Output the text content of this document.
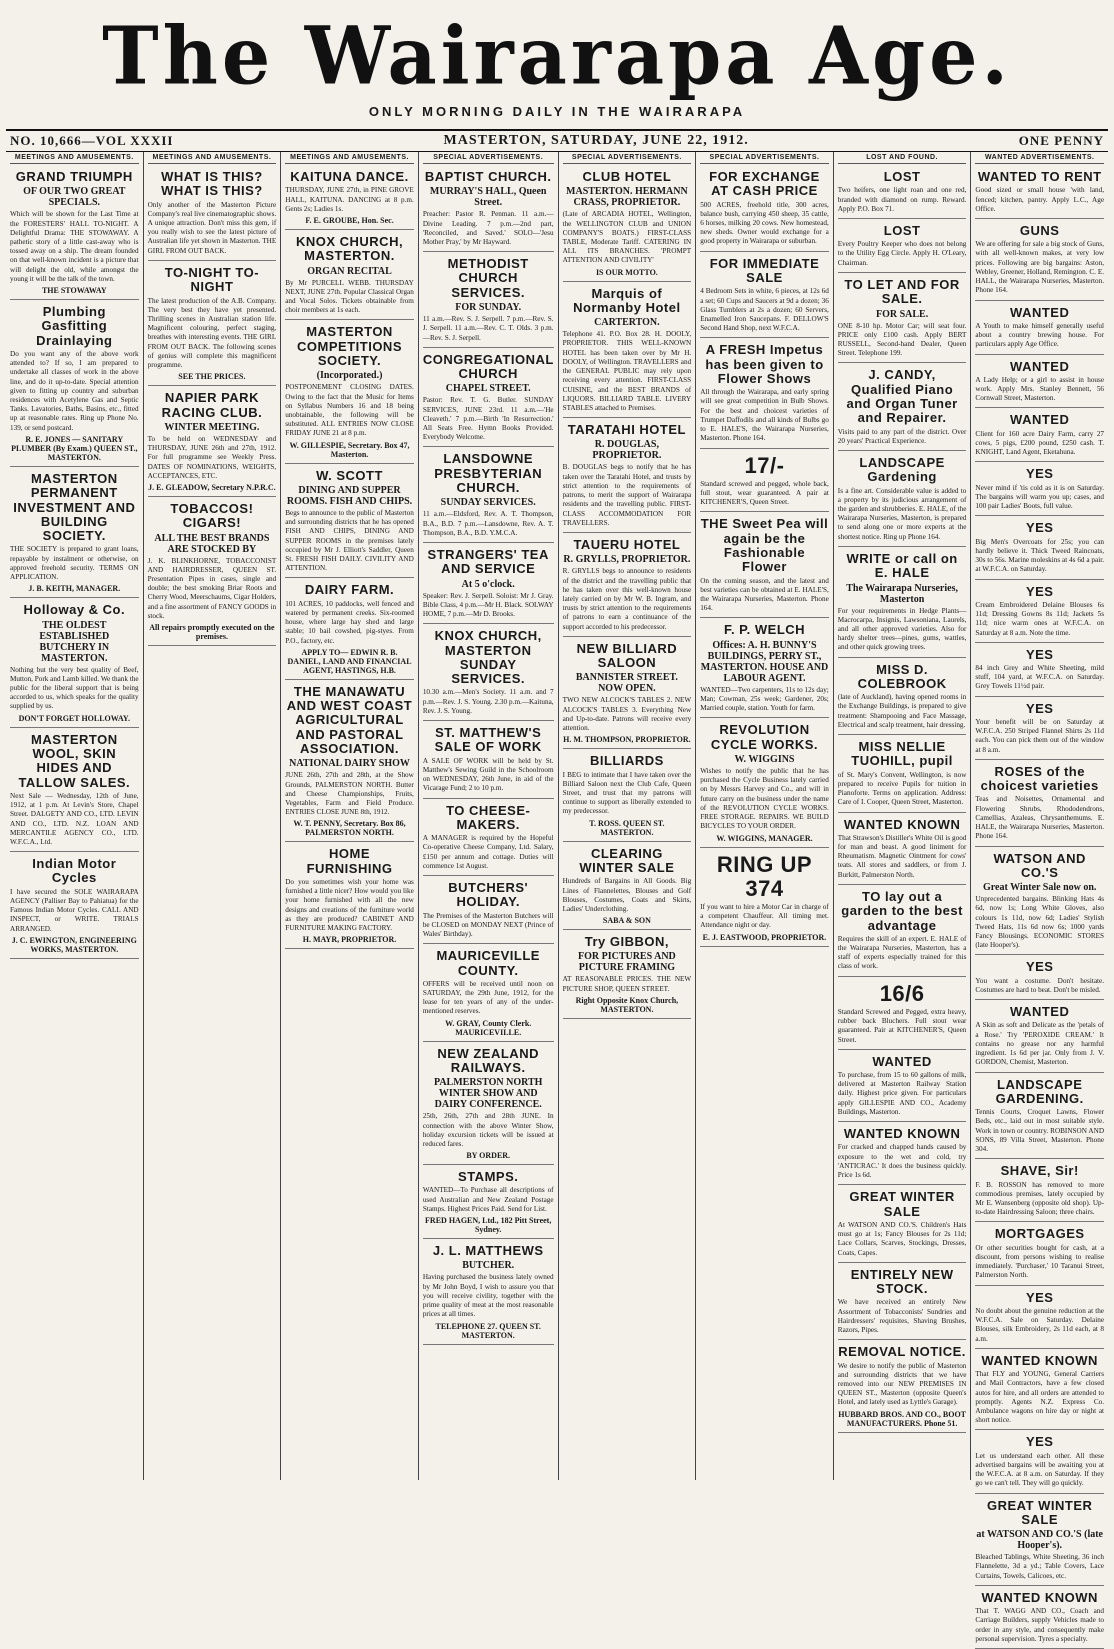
The Wairarapa Age.
ONLY MORNING DAILY IN THE WAIRARAPA
NO. 10,666—VOL XXXII	MASTERTON, SATURDAY, JUNE 22, 1912.	ONE PENNY
MEETINGS AND AMUSEMENTS.
GRAND TRIUMPH
OF OUR TWO GREAT SPECIALS.

Which will be shown for the Last Time at the FORESTERS' HALL TO-NIGHT. A Delightful Drama: THE STOWAWAY. A pathetic story of a little cast-away who is tossed away on a ship. The dream founded on that well-known incident is a picture that will delight the old, while amongst the young it will be the talk of the town.

THE STOWAWAY
Plumbing Gasfitting Drainlaying

Do you want any of the above work attended to? If so, I am prepared to undertake all classes of work in the above line, and do it up-to-date. Special attention given to fitting up country and suburban residences with Acetylene Gas and Septic Tanks. Lavatories, Baths, Basins, etc., fitted up at reasonable rates. Ring up Phone No. 139, or send postcard.

R. E. JONES — SANITARY PLUMBER (By Exam.) QUEEN ST., MASTERTON.
MASTERTON PERMANENT INVESTMENT AND BUILDING SOCIETY.

THE SOCIETY is prepared to grant loans, repayable by instalment or otherwise, on approved freehold security. TERMS ON APPLICATION.

J. B. KEITH, MANAGER.
Holloway & Co.
THE OLDEST ESTABLISHED BUTCHERY IN MASTERTON.

Nothing but the very best quality of Beef, Mutton, Pork and Lamb killed. We thank the public for the liberal support that is being accorded to us, which speaks for the quality supplied by us.

DON'T FORGET HOLLOWAY.
MASTERTON WOOL, SKIN HIDES AND TALLOW SALES.

Next Sale — Wednesday, 12th of June, 1912, at 1 p.m. At Levin's Store, Chapel Street. DALGETY AND CO., LTD. LEVIN AND CO., LTD. N.Z. LOAN AND MERCANTILE AGENCY CO., LTD. W.F.C.A., Ltd.

Indian Motor Cycles

I have secured the SOLE WAIRARAPA AGENCY (Palliser Bay to Pahiatua) for the Famous Indian Motor Cycles. CALL AND INSPECT, or WRITE. TRIALS ARRANGED.

J. C. EWINGTON, ENGINEERING WORKS, MASTERTON.
MEETINGS AND AMUSEMENTS.
WHAT IS THIS? WHAT IS THIS?

Only another of the Masterton Picture Company's real live cinematographic shows. A unique attraction. Don't miss this gem, if you really wish to see the latest picture of Australian life yet shown in Masterton. THE GIRL FROM OUT BACK.

TO-NIGHT TO-NIGHT

The latest production of the A.B. Company. The very best they have yet presented. Thrilling scenes in Australian station life. Magnificent colouring, perfect staging, breathes with interesting events. THE GIRL FROM OUT BACK. The following scenes of genius will complete this magnificent programme.

SEE THE PRICES.
NAPIER PARK RACING CLUB.
WINTER MEETING.

To be held on WEDNESDAY and THURSDAY, JUNE 26th and 27th, 1912. For full programme see Weekly Press. DATES OF NOMINATIONS, WEIGHTS, ACCEPTANCES, ETC.

J. E. GLEADOW, Secretary N.P.R.C.
TOBACCOS! CIGARS!
ALL THE BEST BRANDS ARE STOCKED BY

J. K. BLINKHORNE, TOBACCONIST AND HAIRDRESSER, QUEEN ST. Presentation Pipes in cases, single and double; the best smoking Briar Roots and Cherry Wood, Meerschaums, Cigar Holders, and a fine assortment of FANCY GOODS in stock.

All repairs promptly executed on the premises.
MEETINGS AND AMUSEMENTS.
KAITUNA DANCE.

THURSDAY, JUNE 27th, in PINE GROVE HALL, KAITUNA. DANCING at 8 p.m. Gents 2s; Ladies 1s.

F. E. GROUBE, Hon. Sec.
KNOX CHURCH, MASTERTON.
ORGAN RECITAL

By Mr PURCELL WEBB. THURSDAY NEXT, JUNE 27th. Popular Classical Organ and Vocal Solos. Tickets obtainable from choir members at 1s each.

MASTERTON COMPETITIONS SOCIETY.
(Incorporated.)

POSTPONEMENT CLOSING DATES. Owing to the fact that the Music for Items on Syllabus Numbers 16 and 18 being unobtainable, the following will be substituted. ALL ENTRIES NOW CLOSE FRIDAY JUNE 21 at 8 p.m.

W. GILLESPIE, Secretary. Box 47, Masterton.
W. SCOTT
DINING AND SUPPER ROOMS. FISH AND CHIPS.

Begs to announce to the public of Masterton and surrounding districts that he has opened FISH AND CHIPS, DINING AND SUPPER ROOMS in the premises lately occupied by Mr J. Elliott's Saddler, Queen St. FRESH FISH DAILY. CIVILITY AND ATTENTION.

DAIRY FARM.

101 ACRES, 10 paddocks, well fenced and watered by permanent creeks. Six-roomed house, where large hay shed and large stable; 10 bail cowshed, pig-styes. From P.O., factory, etc.

APPLY TO— EDWIN R. B. DANIEL, LAND AND FINANCIAL AGENT, HASTINGS, H.B.
THE MANAWATU AND WEST COAST AGRICULTURAL AND PASTORAL ASSOCIATION.
NATIONAL DAIRY SHOW

JUNE 26th, 27th and 28th, at the Show Grounds, PALMERSTON NORTH. Butter and Cheese Championships, Fruits, Vegetables, Farm and Field Produce. ENTRIES CLOSE JUNE 8th, 1912.

W. T. PENNY, Secretary. Box 86, PALMERSTON NORTH.
HOME FURNISHING

Do you sometimes wish your home was furnished a little nicer? How would you like your home furnished with all the new designs and creations of the furniture world as they are produced? CABINET AND FURNITURE MAKING FACTORY.

H. MAYR, PROPRIETOR.
SPECIAL ADVERTISEMENTS.
BAPTIST CHURCH.
MURRAY'S HALL, Queen Street.

Preacher: Pastor R. Penman. 11 a.m.—Divine Leading. 7 p.m.—2nd part, 'Reconciled, and Saved.' SOLO—'Jesu Mother Pray,' by Mr Hayward.

METHODIST CHURCH SERVICES.
FOR SUNDAY.

11 a.m.—Rev. S. J. Serpell. 7 p.m.—Rev. S. J. Serpell. 11 a.m.—Rev. C. T. Olds. 3 p.m.—Rev. S. J. Serpell.

CONGREGATIONAL CHURCH
CHAPEL STREET.

Pastor: Rev. T. G. Butler. SUNDAY SERVICES, JUNE 23rd. 11 a.m.—'He Cleaveth.' 7 p.m.—Birth 'In Resurrection.' All Seats Free. Hymn Books Provided. Everybody Welcome.

LANSDOWNE PRESBYTERIAN CHURCH.
SUNDAY SERVICES.

11 a.m.—Eldsford, Rev. A. T. Thompson, B.A., B.D. 7 p.m.—Lansdowne, Rev. A. T. Thompson, B.A., B.D. Y.M.C.A.

STRANGERS' TEA AND SERVICE
At 5 o'clock.

Speaker: Rev. J. Serpell. Soloist: Mr J. Gray. Bible Class, 4 p.m.—Mr H. Black. SOLWAY HOME, 7 p.m.—Mr D. Brooks.

KNOX CHURCH, MASTERTON SUNDAY SERVICES.

10.30 a.m.—Men's Society. 11 a.m. and 7 p.m.—Rev. J. S. Young. 2.30 p.m.—Kaituna, Rev. J. S. Young.

ST. MATTHEW'S SALE OF WORK

A SALE OF WORK will be held by St. Matthew's Sewing Guild in the Schoolroom on WEDNESDAY, 26th June, in aid of the Vicarage Fund; 2 to 10 p.m.

TO CHEESE-MAKERS.

A MANAGER is required by the Hopeful Co-operative Cheese Company, Ltd. Salary, £150 per annum and cottage. Duties will commence 1st August.

BUTCHERS' HOLIDAY.

The Premises of the Masterton Butchers will be CLOSED on MONDAY NEXT (Prince of Wales' Birthday).

MAURICEVILLE COUNTY.

OFFERS will be received until noon on SATURDAY, the 29th June, 1912, for the lease for ten years of any of the under-mentioned reserves.

W. GRAY, County Clerk. MAURICEVILLE.
NEW ZEALAND RAILWAYS.
PALMERSTON NORTH WINTER SHOW AND DAIRY CONFERENCE.

25th, 26th, 27th and 28th JUNE. In connection with the above Winter Show, holiday excursion tickets will be issued at reduced fares.

BY ORDER.
STAMPS.

WANTED—To Purchase all descriptions of used Australian and New Zealand Postage Stamps. Highest Prices Paid. Send for List.

FRED HAGEN, Ltd., 182 Pitt Street, Sydney.
J. L. MATTHEWS
BUTCHER.

Having purchased the business lately owned by Mr John Boyd, I wish to assure you that you will receive civility, together with the prime quality of meat at the most reasonable prices at all times.

TELEPHONE 27. QUEEN ST. MASTERTON.
SPECIAL ADVERTISEMENTS.
CLUB HOTEL
MASTERTON. HERMANN CRASS, PROPRIETOR.

(Late of ARCADIA HOTEL, Wellington, the WELLINGTON CLUB and UNION COMPANY'S BOATS.) FIRST-CLASS TABLE, Moderate Tariff. CATERING IN ALL ITS BRANCHES. 'PROMPT ATTENTION AND CIVILITY'

IS OUR MOTTO.
Marquis of Normanby Hotel
CARTERTON.

Telephone 41. P.O. Box 28. H. DOOLY, PROPRIETOR. THIS WELL-KNOWN HOTEL has been taken over by Mr H. DOOLY, of Wellington. TRAVELLERS and the GENERAL PUBLIC may rely upon receiving every attention. FIRST-CLASS CUISINE, and the BEST BRANDS of LIQUORS. BILLIARD TABLE. LIVERY STABLES attached to Premises.

TARATAHI HOTEL
R. DOUGLAS, PROPRIETOR.

B. DOUGLAS begs to notify that he has taken over the Taratahi Hotel, and trusts by strict attention to the requirements of patrons, to merit the support of Wairarapa residents and the travelling public. FIRST-CLASS ACCOMMODATION FOR TRAVELLERS.

TAUERU HOTEL
R. GRYLLS, PROPRIETOR.

R. GRYLLS begs to announce to residents of the district and the travelling public that he has taken over this well-known house lately carried on by Mr W. B. Ingram, and trusts by strict attention to the requirements of patrons to earn a continuance of the support accorded to his predecessor.

NEW BILLIARD SALOON
BANNISTER STREET. NOW OPEN.

TWO NEW ALCOCK'S TABLES 2. NEW ALCOCK'S TABLES 3. Everything New and Up-to-date. Patrons will receive every attention.

H. M. THOMPSON, PROPRIETOR.
BILLIARDS

I BEG to intimate that I have taken over the Billiard Saloon next the Club Cafe, Queen Street, and trust that my patrons will continue to support as liberally extended to my predecessor.

T. ROSS. QUEEN ST. MASTERTON.
CLEARING WINTER SALE

Hundreds of Bargains in All Goods. Big Lines of Flannelettes, Blouses and Golf Blouses, Costumes, Coats and Skirts, Ladies' Underclothing.

SABA & SON
Try GIBBON,
FOR PICTURES AND PICTURE FRAMING

AT REASONABLE PRICES. THE NEW PICTURE SHOP, QUEEN STREET.

Right Opposite Knox Church, MASTERTON.
SPECIAL ADVERTISEMENTS.
FOR EXCHANGE AT CASH PRICE

500 ACRES, freehold title, 300 acres, balance bush, carrying 450 sheep, 35 cattle, 6 horses, milking 20 cows. New homestead, new sheds. Owner would exchange for a good property in Wairarapa or suburban.

FOR IMMEDIATE SALE

4 Bedroom Sets in white, 6 pieces, at 12s 6d a set; 60 Cups and Saucers at 9d a dozen; 36 Glass Tumblers at 2s a dozen; 60 Servers, Enamelled Iron Saucepans. F. DELLOW'S Second Hand Shop, next W.F.C.A.

A FRESH Impetus has been given to Flower Shows

All through the Wairarapa, and early spring will see great competition in Bulb Shows. For the best and choicest varieties of Trumpet Daffodils and all kinds of Bulbs go to E. HALE'S, the Wairarapa Nurseries, Masterton. Phone 164.

17/-

Standard screwed and pegged, whole back, full stout, wear guaranteed. A pair at KITCHENER'S, Queen Street.

THE Sweet Pea will again be the Fashionable Flower

On the coming season, and the latest and best varieties can be obtained at E. HALE'S, the Wairarapa Nurseries, Masterton. Phone 164.

F. P. WELCH
Offices: A. H. BUNNY'S BUILDINGS, PERRY ST., MASTERTON. HOUSE AND LABOUR AGENT.

WANTED—Two carpenters, 11s to 12s day; Man; Cowman, 25s week; Gardener, 20s; Married couple, station. Youth for farm.

REVOLUTION CYCLE WORKS.
W. WIGGINS

Wishes to notify the public that he has purchased the Cycle Business lately carried on by Messrs Harvey and Co., and will in future carry on the business under the name of the REVOLUTION CYCLE WORKS. FREE STORAGE. REPAIRS. WE BUILD BICYCLES TO YOUR ORDER.

W. WIGGINS, MANAGER.
RING UP 374

If you want to hire a Motor Car in charge of a competent Chauffeur. All timing met. Attendance night or day.

E. J. EASTWOOD, PROPRIETOR.
LOST AND FOUND.
LOST

Two heifers, one light roan and one red, branded with diamond on rump. Reward. Apply P.O. Box 71.

LOST

Every Poultry Keeper who does not belong to the Utility Egg Circle. Apply H. O'Leary, Chairman.

TO LET AND FOR SALE.
FOR SALE.

ONE 8-10 hp. Motor Car; will seat four. PRICE only £100 cash. Apply BERT RUSSELL, Second-hand Dealer, Queen Street. Telephone 199.

J. CANDY, Qualified Piano and Organ Tuner and Repairer.

Visits paid to any part of the district. Over 20 years' Practical Experience.

LANDSCAPE Gardening

Is a fine art. Considerable value is added to a property by its judicious arrangement of the garden and shrubberies. E. HALE, of the Wairarapa Nurseries, Masterton, is prepared to send along one or more experts at the shortest notice. Ring up Phone 164.

WRITE or call on E. HALE
The Wairarapa Nurseries, Masterton

For your requirements in Hedge Plants—Macrocarpa, Insignis, Lawsoniana, Laurels, and all other approved varieties. Also for hardy shelter trees—pines, gums, wattles, and other quick growing trees.

MISS D. COLEBROOK

(late of Auckland), having opened rooms in the Exchange Buildings, is prepared to give treatment: Shampooing and Face Massage, Electrical and scalp treatment, hair dressing.

MISS NELLIE TUOHILL, pupil

of St. Mary's Convent, Wellington, is now prepared to receive Pupils for tuition in Pianoforte. Terms on application. Address: Care of I. Cooper, Queen Street, Masterton.

WANTED KNOWN

That Strawson's Distiller's White Oil is good for man and beast. A good liniment for Rheumatism. Magnetic Ointment for cows' teats. All stores and saddlers, or from J. Burkitt, Palmerston North.

TO lay out a garden to the best advantage

Requires the skill of an expert. E. HALE of the Wairarapa Nurseries, Masterton, has a staff of experts especially trained for this class of work.

16/6

Standard Screwed and Pegged, extra heavy, rubber back Bluchers. Full stout wear guaranteed. Pair at KITCHENER'S, Queen Street.

WANTED

To purchase, from 15 to 60 gallons of milk, delivered at Masterton Railway Station daily. Highest price given. For particulars apply GILLESPIE AND CO., Academy Buildings, Masterton.

WANTED KNOWN

For cracked and chapped hands caused by exposure to the wet and cold, try 'ANTICRAC.' It does the business quickly. Price 1s 6d.

GREAT WINTER SALE

At WATSON AND CO.'S. Children's Hats must go at 1s; Fancy Blouses for 2s 11d; Lace Collars, Scarves, Stockings, Dresses, Coats, Capes.

ENTIRELY NEW STOCK.

We have received an entirely New Assortment of Tobacconists' Sundries and Hairdressers' requisites, Shaving Brushes, Razors, Pipes.

REMOVAL NOTICE.

We desire to notify the public of Masterton and surrounding districts that we have removed into our NEW PREMISES IN QUEEN ST., Masterton (opposite Queen's Hotel, and lately used as Lyttle's Garage).

HUBBARD BROS. AND CO., BOOT MANUFACTURERS. Phone 51.
WANTED ADVERTISEMENTS.
WANTED TO RENT

Good sized or small house 'with land, fenced; kitchen, pantry. Apply L.C., Age Office.

GUNS

We are offering for sale a big stock of Guns, with all well-known makes, at very low prices. Following are big bargains: Aston, Webley, Greener, Holland, Remington. C. E. HALL, the Wairarapa Nurseries, Masterton. Phone 164.

WANTED

A Youth to make himself generally useful about a country brewing house. For particulars apply Age Office.

WANTED

A Lady Help; or a girl to assist in house work. Apply Mrs. Stanley Bennett, 56 Cornwall Street, Masterton.

WANTED

Client for 160 acre Dairy Farm, carry 27 cows, 5 pigs, £200 pound, £250 cash. T. KNIGHT, Land Agent, Eketahuna.

YES

Never mind if 'tis cold as it is on Saturday. The bargains will warm you up; cases, and 100 pair Ladies' Boots, full value.

YES

Big Men's Overcoats for 25s; you can hardly believe it. Thick Tweed Raincoats, 30s to 56s. Marine moleskins at 4s 6d a pair. at W.F.C.A. on Saturday.

YES

Cream Embroidered Delaine Blouses 6s 11d; Dressing Gowns 8s 11d; Jackets 5s 11d; nice warm ones at W.F.C.A. on Saturday at 8 a.m. Note the time.

YES

84 inch Grey and White Sheeting, mild stuff, 104 yard, at W.F.C.A. on Saturday. Grey Towels 11½d pair.

YES

Your benefit will be on Saturday at W.F.C.A. 250 Striped Flannel Shirts 2s 11d each. You can pick them out of the window at 8 a.m.

ROSES of the choicest varieties

Teas and Noisettes, Ornamental and Flowering Shrubs, Rhododendrons, Camellias, Azaleas, Chrysanthemums. E. HALE, the Wairarapa Nurseries, Masterton. Phone 164.

WATSON AND CO.'S
Great Winter Sale now on.

Unprecedented bargains. Blinking Hats 4s 6d, now 1s; Long White Gloves, also colours 1s 11d, now 6d; Ladies' Stylish Tweed Hats, 11s 6d now 6s; 1000 yards Fancy Blousings. ECONOMIC STORES (late Hooper's).

YES

You want a costume. Don't hesitate. Costumes are hard to beat. Don't be misled.

WANTED

A Skin as soft and Delicate as the 'petals of a Rose.' Try 'PEROXIDE CREAM.' It contains no grease nor any harmful ingredient. 1s 6d per jar. Only from J. V. GORDON, Chemist, Masterton.

LANDSCAPE GARDENING.

Tennis Courts, Croquet Lawns, Flower Beds, etc., laid out in most suitable style. Work in town or country. ROBINSON AND SONS, 89 Villa Street, Masterton. Phone 304.

SHAVE, Sir!

F. B. ROSSON has removed to more commodious premises, lately occupied by Mr E. Wansenberg (opposite old shop). Up-to-date Hairdressing Saloon; three chairs.

MORTGAGES

Or other securities bought for cash, at a discount, from persons wishing to realise immediately. 'Purchaser,' 10 Taranui Street, Palmerston North.

YES

No doubt about the genuine reduction at the W.F.C.A. Sale on Saturday. Delaine Blouses, silk Embroidery, 2s 11d each, at 8 a.m.

WANTED KNOWN

That FLY and YOUNG, General Carriers and Mail Contractors, have a few closed autos for hire, and all orders are attended to promptly. Agents N.Z. Express Co. Ambulance wagons on hire day or night at short notice.

YES

Let us understand each other. All these advertised bargains will be awaiting you at the W.F.C.A. at 8 a.m. on Saturday. If they go we can't tell. They will go quickly.

GREAT WINTER SALE
at WATSON AND CO.'S (late Hooper's).

Bleached Tablings, White Sheeting, 36 inch Flannelette, 3d a yd.; Table Covers, Lace Curtains, Towels, Calicoes, etc.

WANTED KNOWN

That T. WAGG AND CO., Coach and Carriage Builders, supply Vehicles made to order in any style, and consequently make personal supervision. Tyres a specialty.
